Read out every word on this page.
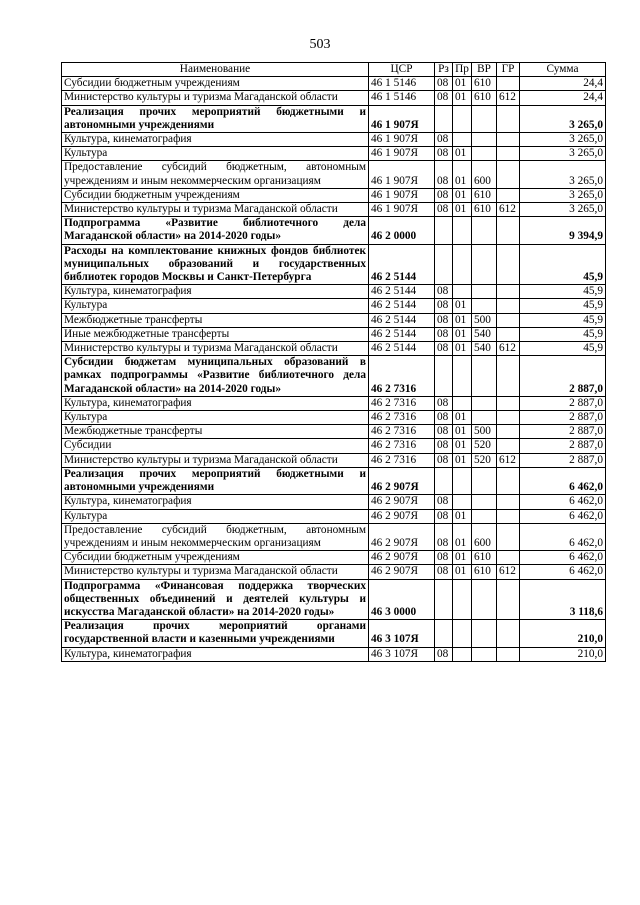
503
Наименование	ЦСР	Рз	Пр	ВР	ГР	Сумма
Субсидии бюджетным учреждениям	46 1 5146	08	01	610		24,4
Министерство культуры и туризма Магаданской области	46 1 5146	08	01	610	612	24,4
Реализация прочих мероприятий бюджетными и автономными учреждениями	46 1 907Я					3 265,0
Культура, кинематография	46 1 907Я	08				3 265,0
Культура	46 1 907Я	08	01			3 265,0
Предоставление субсидий бюджетным, автономным учреждениям и иным некоммерческим организациям	46 1 907Я	08	01	600		3 265,0
Субсидии бюджетным учреждениям	46 1 907Я	08	01	610		3 265,0
Министерство культуры и туризма Магаданской области	46 1 907Я	08	01	610	612	3 265,0
Подпрограмма «Развитие библиотечного дела Магаданской области» на 2014-2020 годы»	46 2 0000					9 394,9
Расходы на комплектование книжных фондов библиотек муниципальных образований и государственных библиотек городов Москвы и Санкт-Петербурга	46 2 5144					45,9
Культура, кинематография	46 2 5144	08				45,9
Культура	46 2 5144	08	01			45,9
Межбюджетные трансферты	46 2 5144	08	01	500		45,9
Иные межбюджетные трансферты	46 2 5144	08	01	540		45,9
Министерство культуры и туризма Магаданской области	46 2 5144	08	01	540	612	45,9
Субсидии бюджетам муниципальных образований в рамках подпрограммы «Развитие библиотечного дела Магаданской области» на 2014-2020 годы»	46 2 7316					2 887,0
Культура, кинематография	46 2 7316	08				2 887,0
Культура	46 2 7316	08	01			2 887,0
Межбюджетные трансферты	46 2 7316	08	01	500		2 887,0
Субсидии	46 2 7316	08	01	520		2 887,0
Министерство культуры и туризма Магаданской области	46 2 7316	08	01	520	612	2 887,0
Реализация прочих мероприятий бюджетными и автономными учреждениями	46 2 907Я					6 462,0
Культура, кинематография	46 2 907Я	08				6 462,0
Культура	46 2 907Я	08	01			6 462,0
Предоставление субсидий бюджетным, автономным учреждениям и иным некоммерческим организациям	46 2 907Я	08	01	600		6 462,0
Субсидии бюджетным учреждениям	46 2 907Я	08	01	610		6 462,0
Министерство культуры и туризма Магаданской области	46 2 907Я	08	01	610	612	6 462,0
Подпрограмма «Финансовая поддержка творческих общественных объединений и деятелей культуры и искусства Магаданской области» на 2014-2020 годы»	46 3 0000					3 118,6
Реализация прочих мероприятий органами государственной власти и казенными учреждениями	46 3 107Я					210,0
Культура, кинематография	46 3 107Я	08				210,0
